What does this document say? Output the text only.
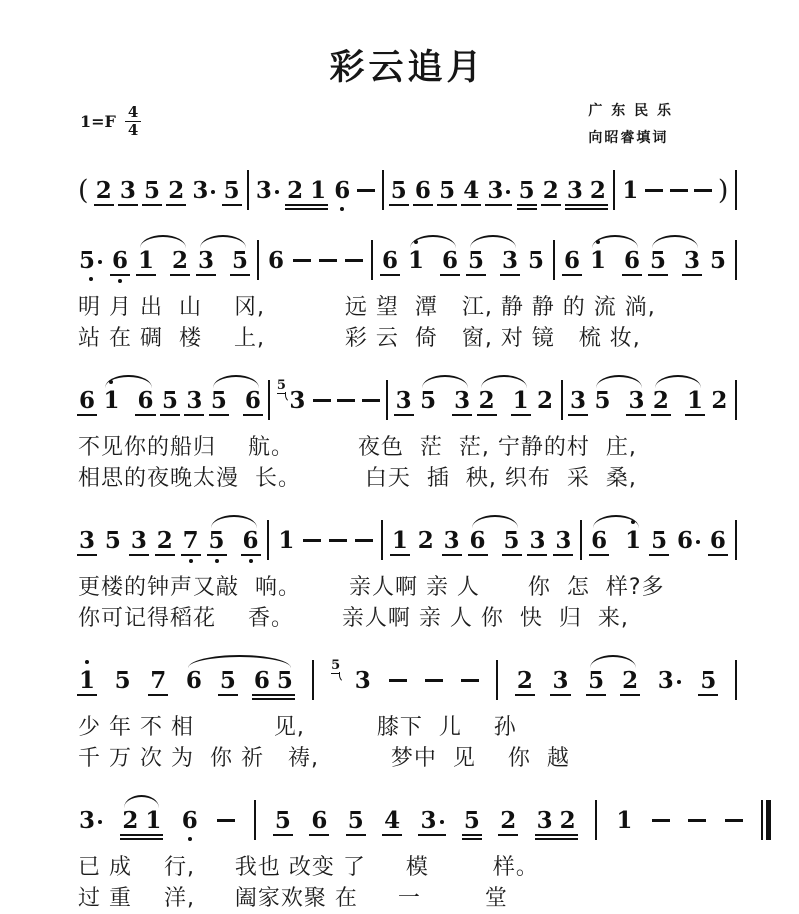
彩云追月
$1=F \frac{4}{4}$	广 东 民 乐
向昭睿填词
( 2 3 5 2 3 5 3 21 6 5 6 5 4 3 5 2 32 1	)
5 6 1 2 3 5 6	6 1 6 5 3 5 6 1 6 5 3 5
明 月 出  山    冈,          远 望  潭   江, 静 静 的 流 淌,
站 在 碉  楼    上,          彩 云  倚   窗, 对 镜   梳 妆,
6 1 6 5 3 5 6
5
3	3 5 3 2 1 2 3 5 3 2 1 2
不见你的船归    航。        夜色  茫  茫, 宁静的村  庄,
相思的夜晚太漫  长。        白天  插  秧, 织布  采  桑,
3 5 3 2 7 5 6 1	1 2 3 6 5 3 3 6 1 5 6 6
更楼的钟声又敲  响。      亲人啊 亲 人      你  怎  样?多
你可记得稻花    香。      亲人啊 亲 人 你  快  归  来,
1 5 7 6 5 65
5
3	2 3 5 2 3	5
少 年 不 相          见,         膝下  儿    孙
千 万 次 为  你 祈   祷,         梦中  见    你  越
3	21 6	5 6 5 4 3	5 2 32 1
已 成    行,     我也 改变 了     模        样。
过 重    洋,     阖家欢聚 在     一        堂
